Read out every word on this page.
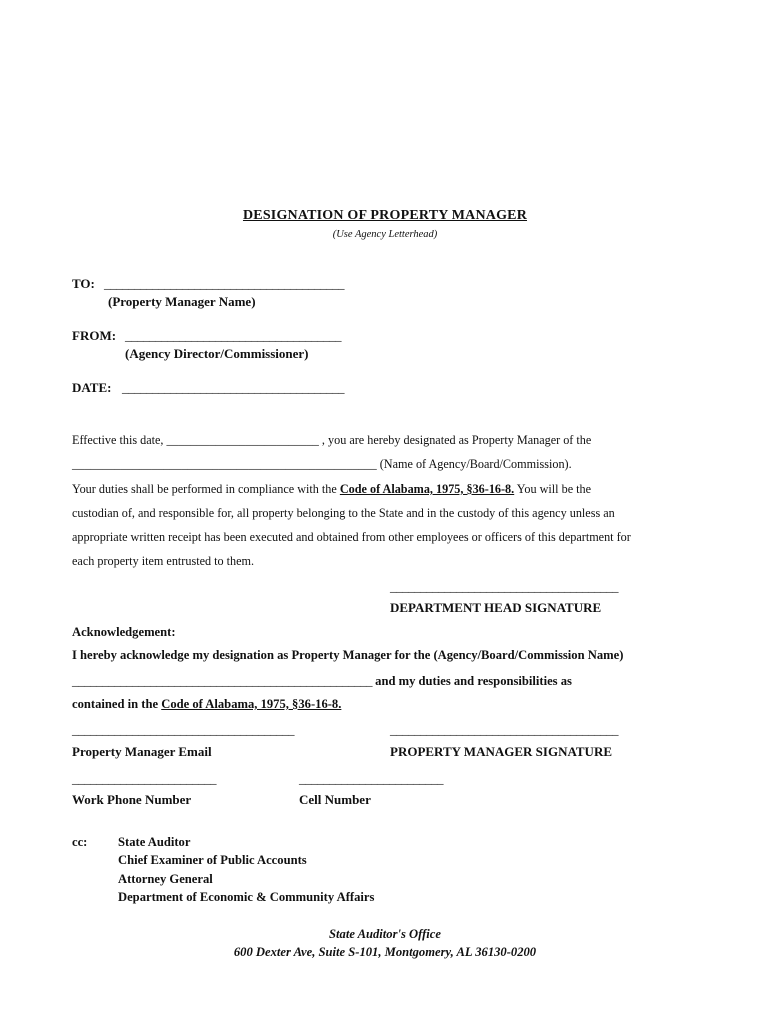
DESIGNATION OF PROPERTY MANAGER
(Use Agency Letterhead)
TO: ________________________________________
(Property Manager Name)
FROM: ____________________________________
(Agency Director/Commissioner)
DATE: _____________________________________
Effective this date, _________________________ , you are hereby designated as Property Manager of the
__________________________________________________ (Name of Agency/Board/Commission).
Your duties shall be performed in compliance with the Code of Alabama, 1975, §36-16-8. You will be the
custodian of, and responsible for, all property belonging to the State and in the custody of this agency unless an
appropriate written receipt has been executed and obtained from other employees or officers of this department for
each property item entrusted to them.
______________________________________
DEPARTMENT HEAD SIGNATURE
Acknowledgement:
I hereby acknowledge my designation as Property Manager for the (Agency/Board/Commission Name)
__________________________________________________ and my duties and responsibilities as
contained in the Code of Alabama, 1975, §36-16-8.
_____________________________________
Property Manager Email
______________________________________
PROPERTY MANAGER SIGNATURE
________________________
Work Phone Number
________________________
Cell Number
cc: State Auditor
Chief Examiner of Public Accounts
Attorney General
Department of Economic & Community Affairs
State Auditor's Office
600 Dexter Ave, Suite S-101, Montgomery, AL 36130-0200
